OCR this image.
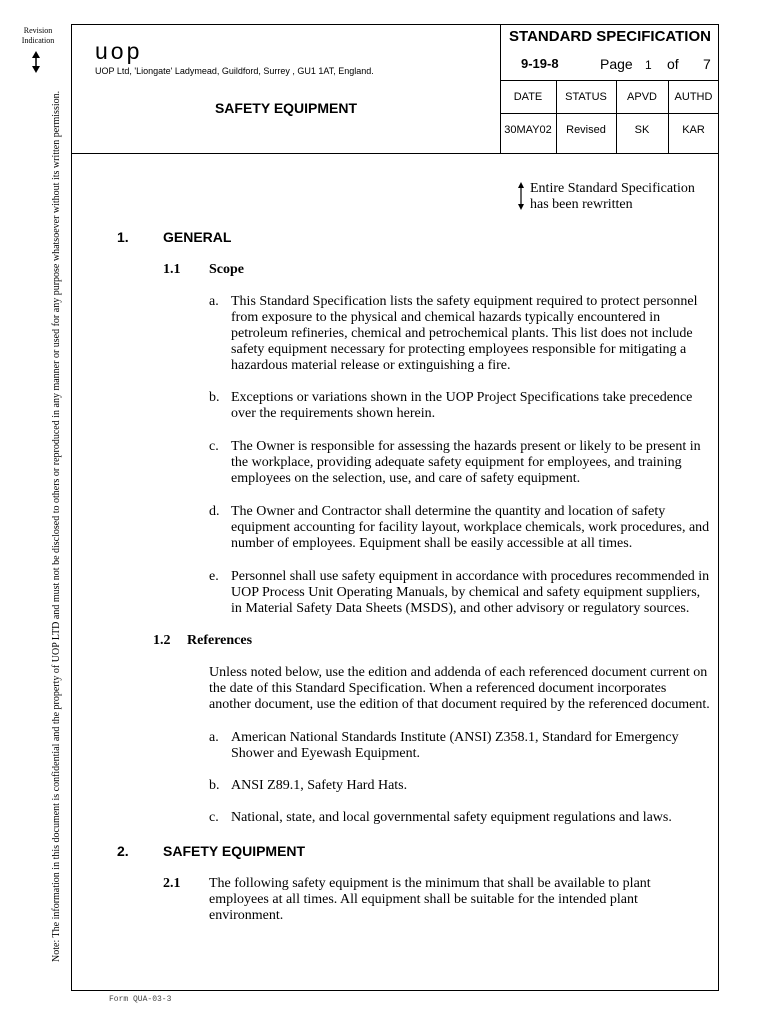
Revision Indication
Note: The information in this document is confidential and the property of UOP LTD and must not be disclosed to others or reproduced in any manner or used for any purpose whatsoever without its written permission.
uop
UOP Ltd, 'Liongate' Ladymead, Guildford, Surrey , GU1 1AT, England.
SAFETY EQUIPMENT
STANDARD SPECIFICATION
9-19-8	Page 1 of 7
DATE	STATUS	APVD	AUTHD
30MAY02	Revised	SK	KAR
Entire Standard Specification
has been rewritten
1. GENERAL
1.1 Scope
a. This Standard Specification lists the safety equipment required to protect personnel
from exposure to the physical and chemical hazards typically encountered in
petroleum refineries, chemical and petrochemical plants. This list does not include
safety equipment necessary for protecting employees responsible for mitigating a
hazardous material release or extinguishing a fire.
b. Exceptions or variations shown in the UOP Project Specifications take precedence
over the requirements shown herein.
c. The Owner is responsible for assessing the hazards present or likely to be present in
the workplace, providing adequate safety equipment for employees, and training
employees on the selection, use, and care of safety equipment.
d. The Owner and Contractor shall determine the quantity and location of safety
equipment accounting for facility layout, workplace chemicals, work procedures, and
number of employees. Equipment shall be easily accessible at all times.
e. Personnel shall use safety equipment in accordance with procedures recommended in
UOP Process Unit Operating Manuals, by chemical and safety equipment suppliers,
in Material Safety Data Sheets (MSDS), and other advisory or regulatory sources.
1.2 References
Unless noted below, use the edition and addenda of each referenced document current on
the date of this Standard Specification. When a referenced document incorporates
another document, use the edition of that document required by the referenced document.
a. American National Standards Institute (ANSI) Z358.1, Standard for Emergency
Shower and Eyewash Equipment.
b. ANSI Z89.1, Safety Hard Hats.
c. National, state, and local governmental safety equipment regulations and laws.
2. SAFETY EQUIPMENT
2.1 The following safety equipment is the minimum that shall be available to plant
employees at all times. All equipment shall be suitable for the intended plant
environment.
Form QUA-03-3
